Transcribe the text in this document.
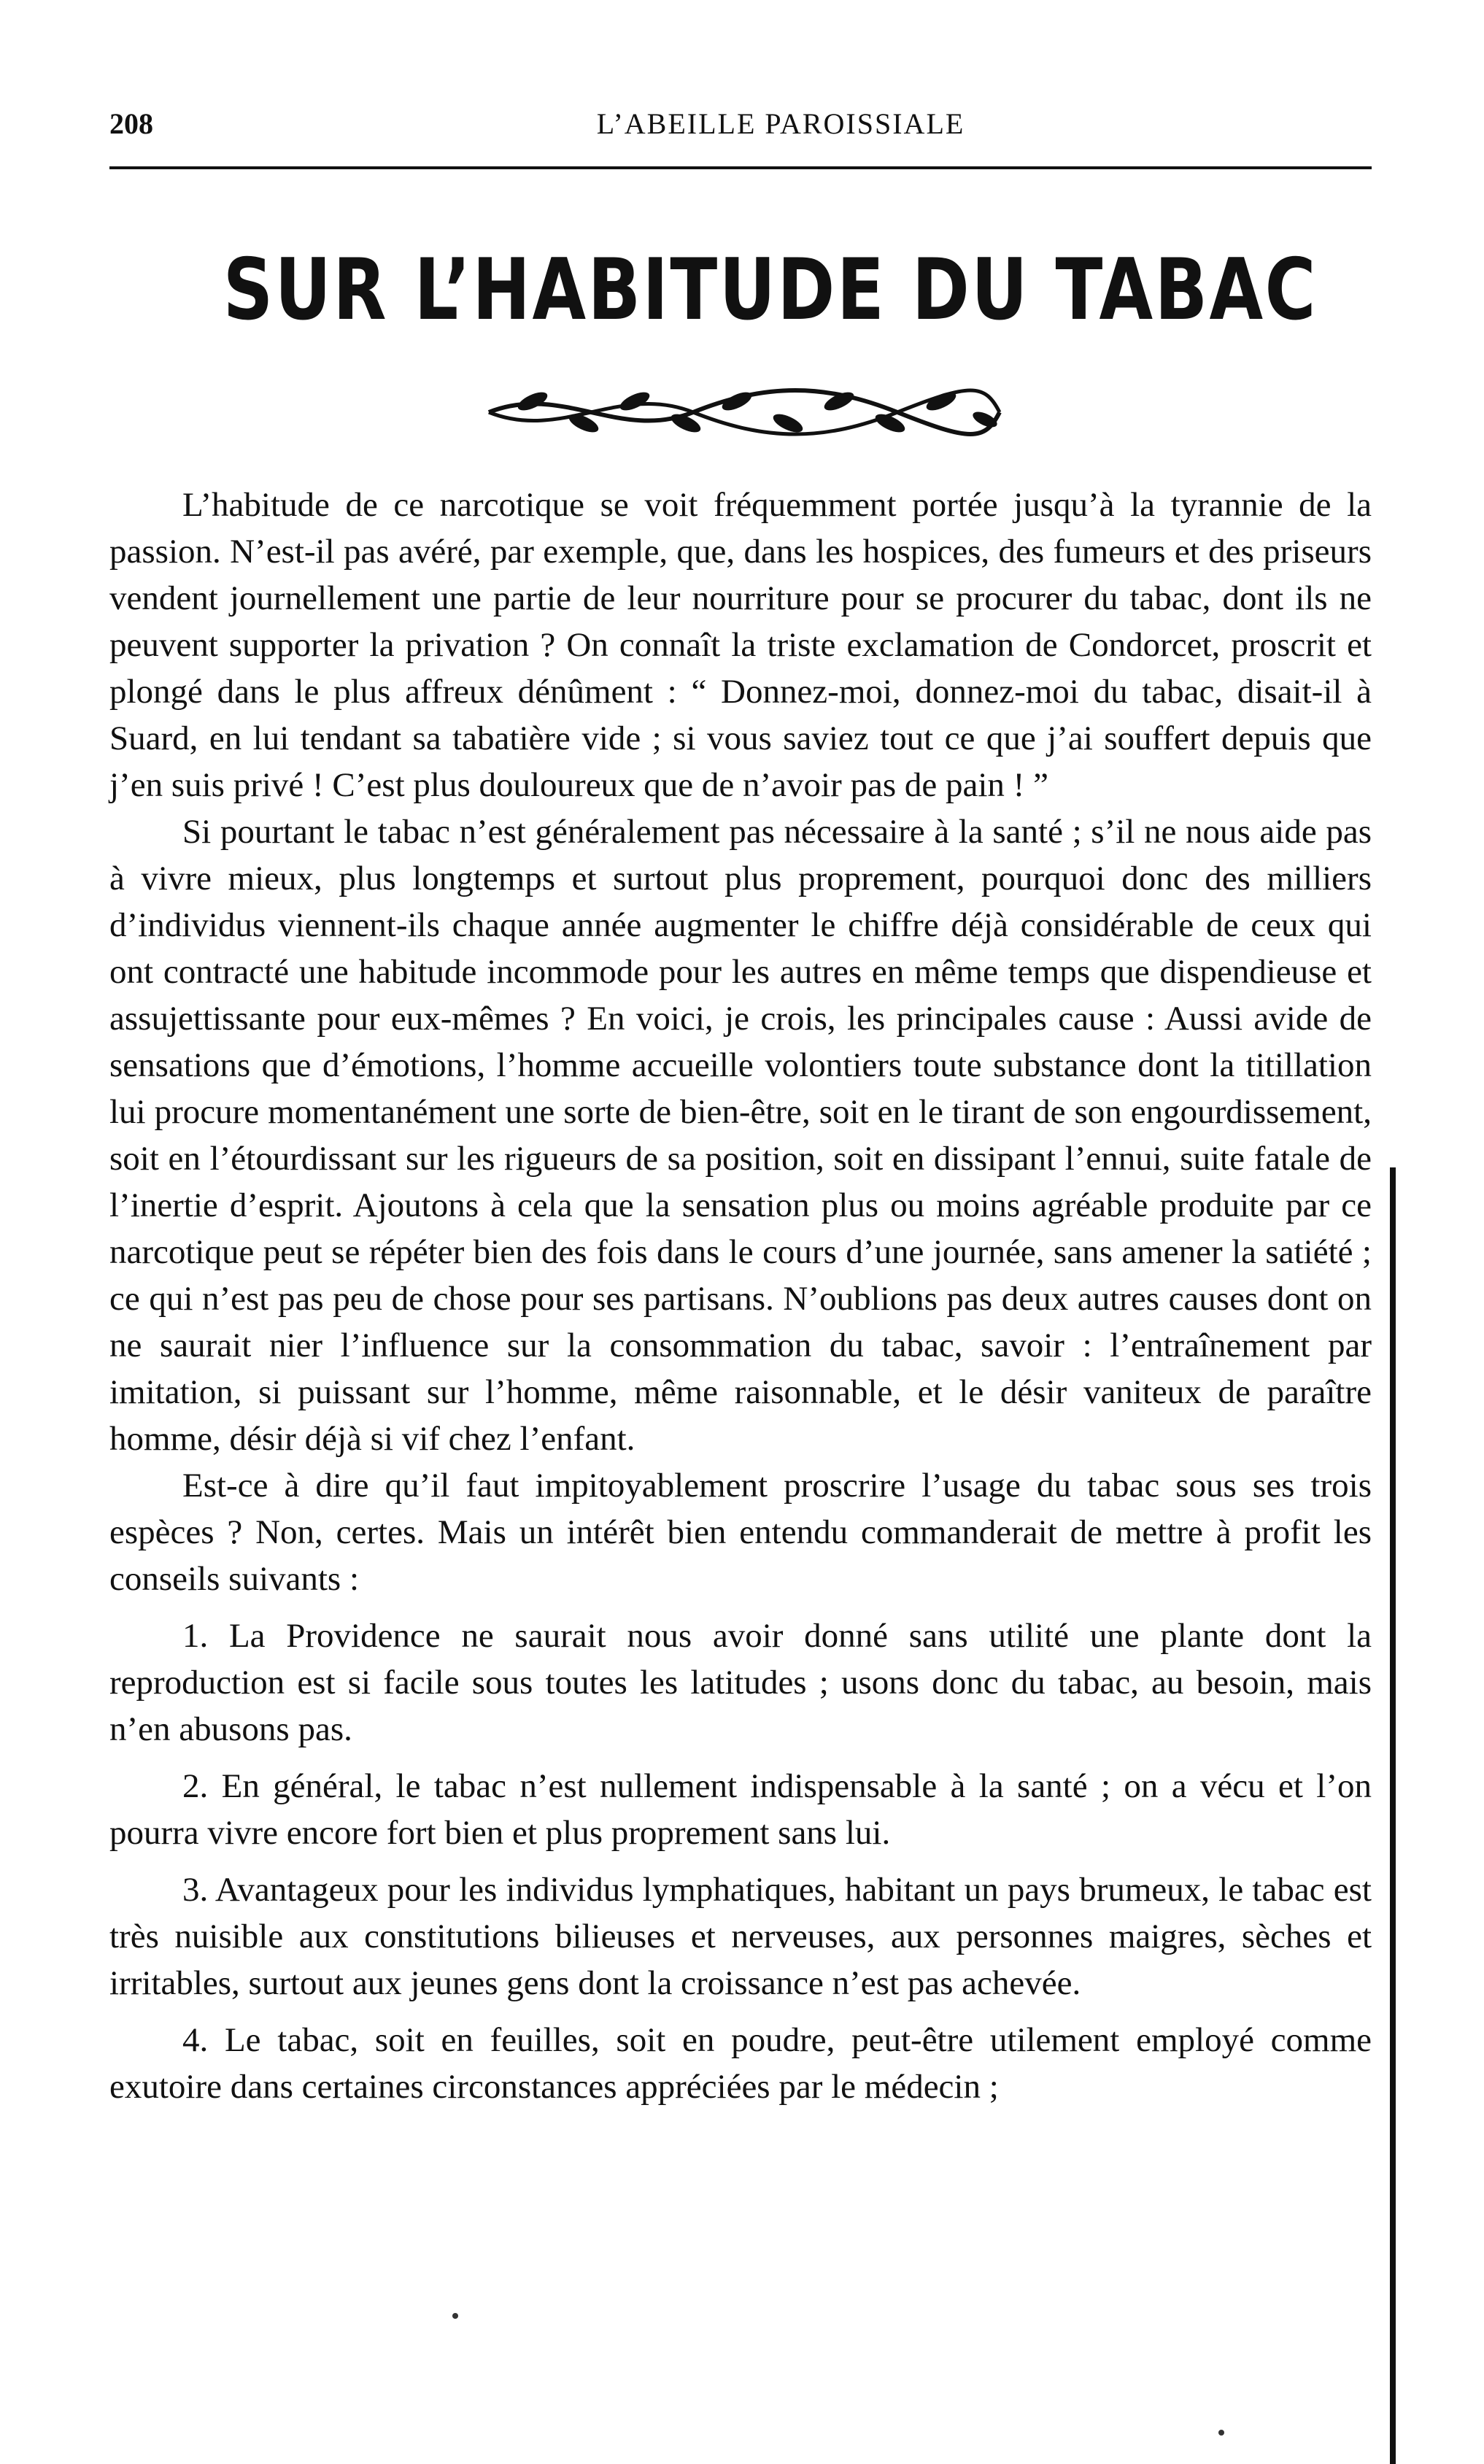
208	L’ABEILLE PAROISSIALE
SUR L’HABITUDE DU TABAC

L’habitude de ce narcotique se voit fréquemment portée jusqu’à la tyrannie de la passion. N’est-il pas avéré, par exemple, que, dans les hospices, des fumeurs et des priseurs vendent journellement une partie de leur nourriture pour se procurer du tabac, dont ils ne peuvent supporter la privation ? On connaît la triste exclamation de Condorcet, proscrit et plongé dans le plus affreux dénûment : “ Donnez-moi, donnez-moi du tabac, disait-il à Suard, en lui tendant sa tabatière vide ; si vous saviez tout ce que j’ai souffert depuis que j’en suis privé ! C’est plus douloureux que de n’avoir pas de pain ! ”

Si pourtant le tabac n’est généralement pas nécessaire à la santé ; s’il ne nous aide pas à vivre mieux, plus longtemps et surtout plus proprement, pourquoi donc des milliers d’individus viennent-ils chaque année augmenter le chiffre déjà considérable de ceux qui ont contracté une habitude incommode pour les autres en même temps que dispendieuse et assujettissante pour eux-mêmes ? En voici, je crois, les principales cause : Aussi avide de sensations que d’émotions, l’homme accueille volontiers toute substance dont la titillation lui procure momentanément une sorte de bien-être, soit en le tirant de son engourdissement, soit en l’étourdissant sur les rigueurs de sa position, soit en dissipant l’ennui, suite fatale de l’inertie d’esprit. Ajoutons à cela que la sensation plus ou moins agréable produite par ce narcotique peut se répéter bien des fois dans le cours d’une journée, sans amener la satiété ; ce qui n’est pas peu de chose pour ses partisans. N’oublions pas deux autres causes dont on ne saurait nier l’influence sur la consommation du tabac, savoir : l’entraînement par imitation, si puissant sur l’homme, même raisonnable, et le désir vaniteux de paraître homme, désir déjà si vif chez l’enfant.

Est-ce à dire qu’il faut impitoyablement proscrire l’usage du tabac sous ses trois espèces ? Non, certes. Mais un intérêt bien entendu commanderait de mettre à profit les conseils suivants :

1. La Providence ne saurait nous avoir donné sans utilité une plante dont la reproduction est si facile sous toutes les latitudes ; usons donc du tabac, au besoin, mais n’en abusons pas.

2. En général, le tabac n’est nullement indispensable à la santé ; on a vécu et l’on pourra vivre encore fort bien et plus proprement sans lui.

3. Avantageux pour les individus lymphatiques, habitant un pays brumeux, le tabac est très nuisible aux constitutions bilieuses et nerveuses, aux personnes maigres, sèches et irritables, surtout aux jeunes gens dont la croissance n’est pas achevée.

4. Le tabac, soit en feuilles, soit en poudre, peut-être utilement employé comme exutoire dans certaines circonstances appréciées par le médecin ;
